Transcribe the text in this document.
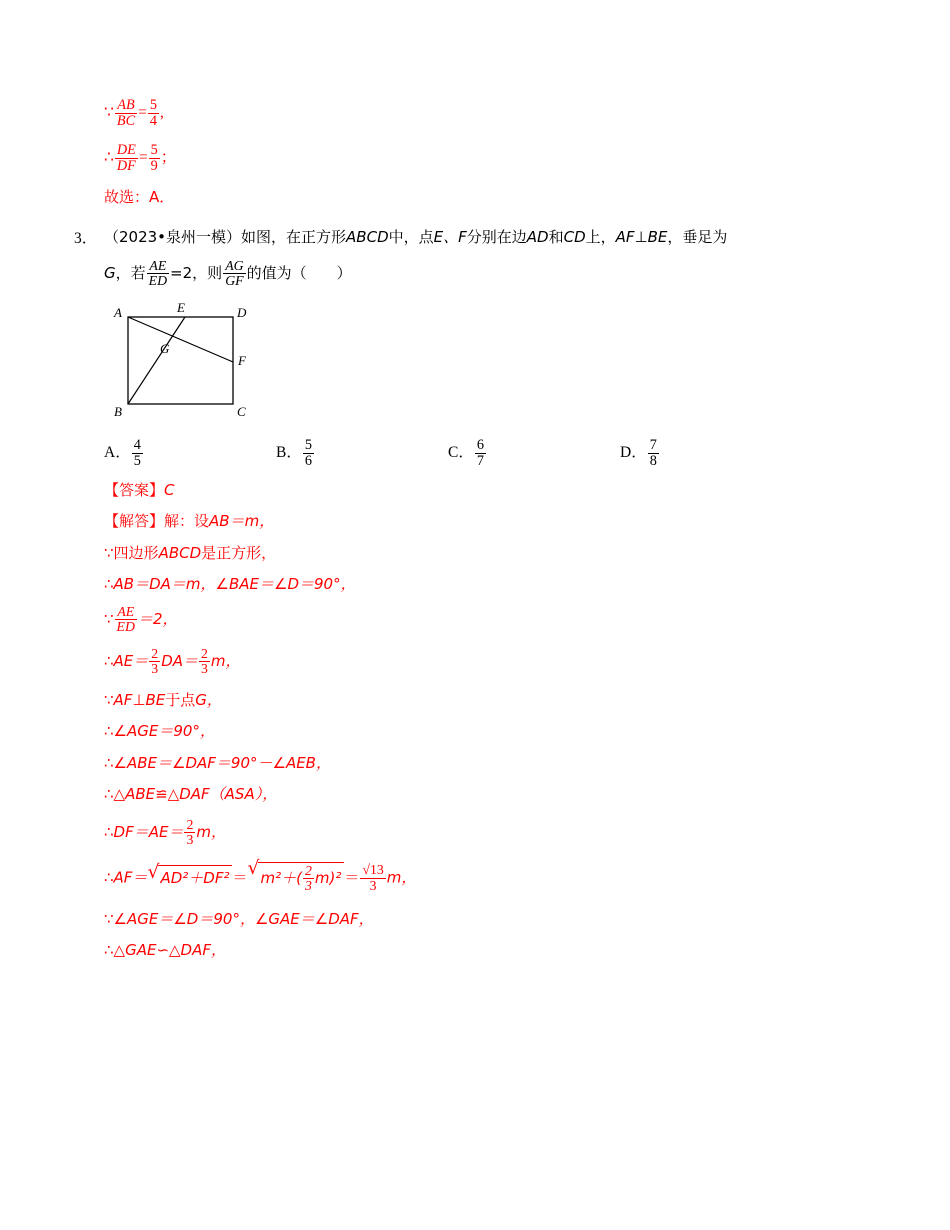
∵ $\frac{AB}{BC} = \frac{5}{4}$ ,
∴ $\frac{DE}{DF} = \frac{5}{9}$ ；
故选：A．
3． （2023•泉州一模）如图，在正方形ABCD中，点E、F分别在边AD和CD上，AF⊥BE，垂足为
G，若 $\frac{AE}{ED} =2$，则 $\frac{AG}{GF}$ 的值为（　　）
A	D
B	C
E
F
G
A． $\frac{4}{5}$	B． $\frac{5}{6}$	C． $\frac{6}{7}$	D． $\frac{7}{8}$
【答案】C
【解答】解：设AB＝m，
∵四边形ABCD是正方形，
∴AB＝DA＝m，∠BAE＝∠D＝90°，
∵ $\frac{AE}{ED} =2$，
∴AE＝ $\frac{2}{3} DA= \frac{2}{3}$ m，
∵AF⊥BE于点G，
∴∠AGE＝90°，
∴∠ABE＝∠DAF＝90°－∠AEB，
∴△ABE≌△DAF（ASA），
∴DF＝AE＝ $\frac{2}{3}$ m，
∴AF＝ √ AD²＋DF² ＝ √ $m^2+( \frac{2}{3} m)^2 = \frac{√13}{3}$ m，
∵∠AGE＝∠D＝90°，∠GAE＝∠DAF，
∴△GAE∽△DAF，
